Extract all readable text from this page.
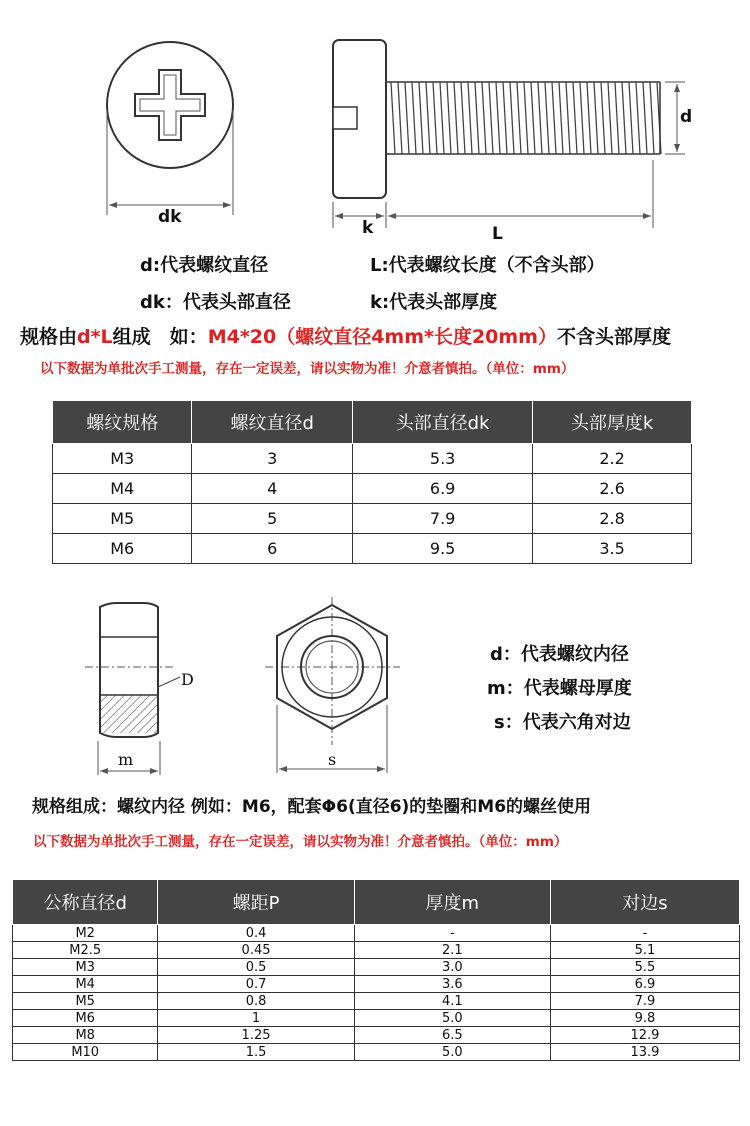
dk
k	L
d
d:代表螺纹直径	L:代表螺纹长度（不含头部）
dk：代表头部直径	k:代表头部厚度
规格由d*L组成　如：M4*20（螺纹直径4mm*长度20mm）不含头部厚度
以下数据为单批次手工测量，存在一定误差，请以实物为准！介意者慎拍。（单位：mm）
螺纹规格	螺纹直径d	头部直径dk	头部厚度k
M3	3	5.3	2.2
M4	4	6.9	2.6
M5	5	7.9	2.8
M6	6	9.5	3.5
D
m	s
d：代表螺纹内径
m：代表螺母厚度
s：代表六角对边
规格组成：螺纹内径 例如：M6，配套Φ6(直径6)的垫圈和M6的螺丝使用
以下数据为单批次手工测量，存在一定误差，请以实物为准！介意者慎拍。（单位：mm）
公称直径d	螺距P	厚度m	对边s
M2	0.4	-	-
M2.5	0.45	2.1	5.1
M3	0.5	3.0	5.5
M4	0.7	3.6	6.9
M5	0.8	4.1	7.9
M6	1	5.0	9.8
M8	1.25	6.5	12.9
M10	1.5	5.0	13.9
